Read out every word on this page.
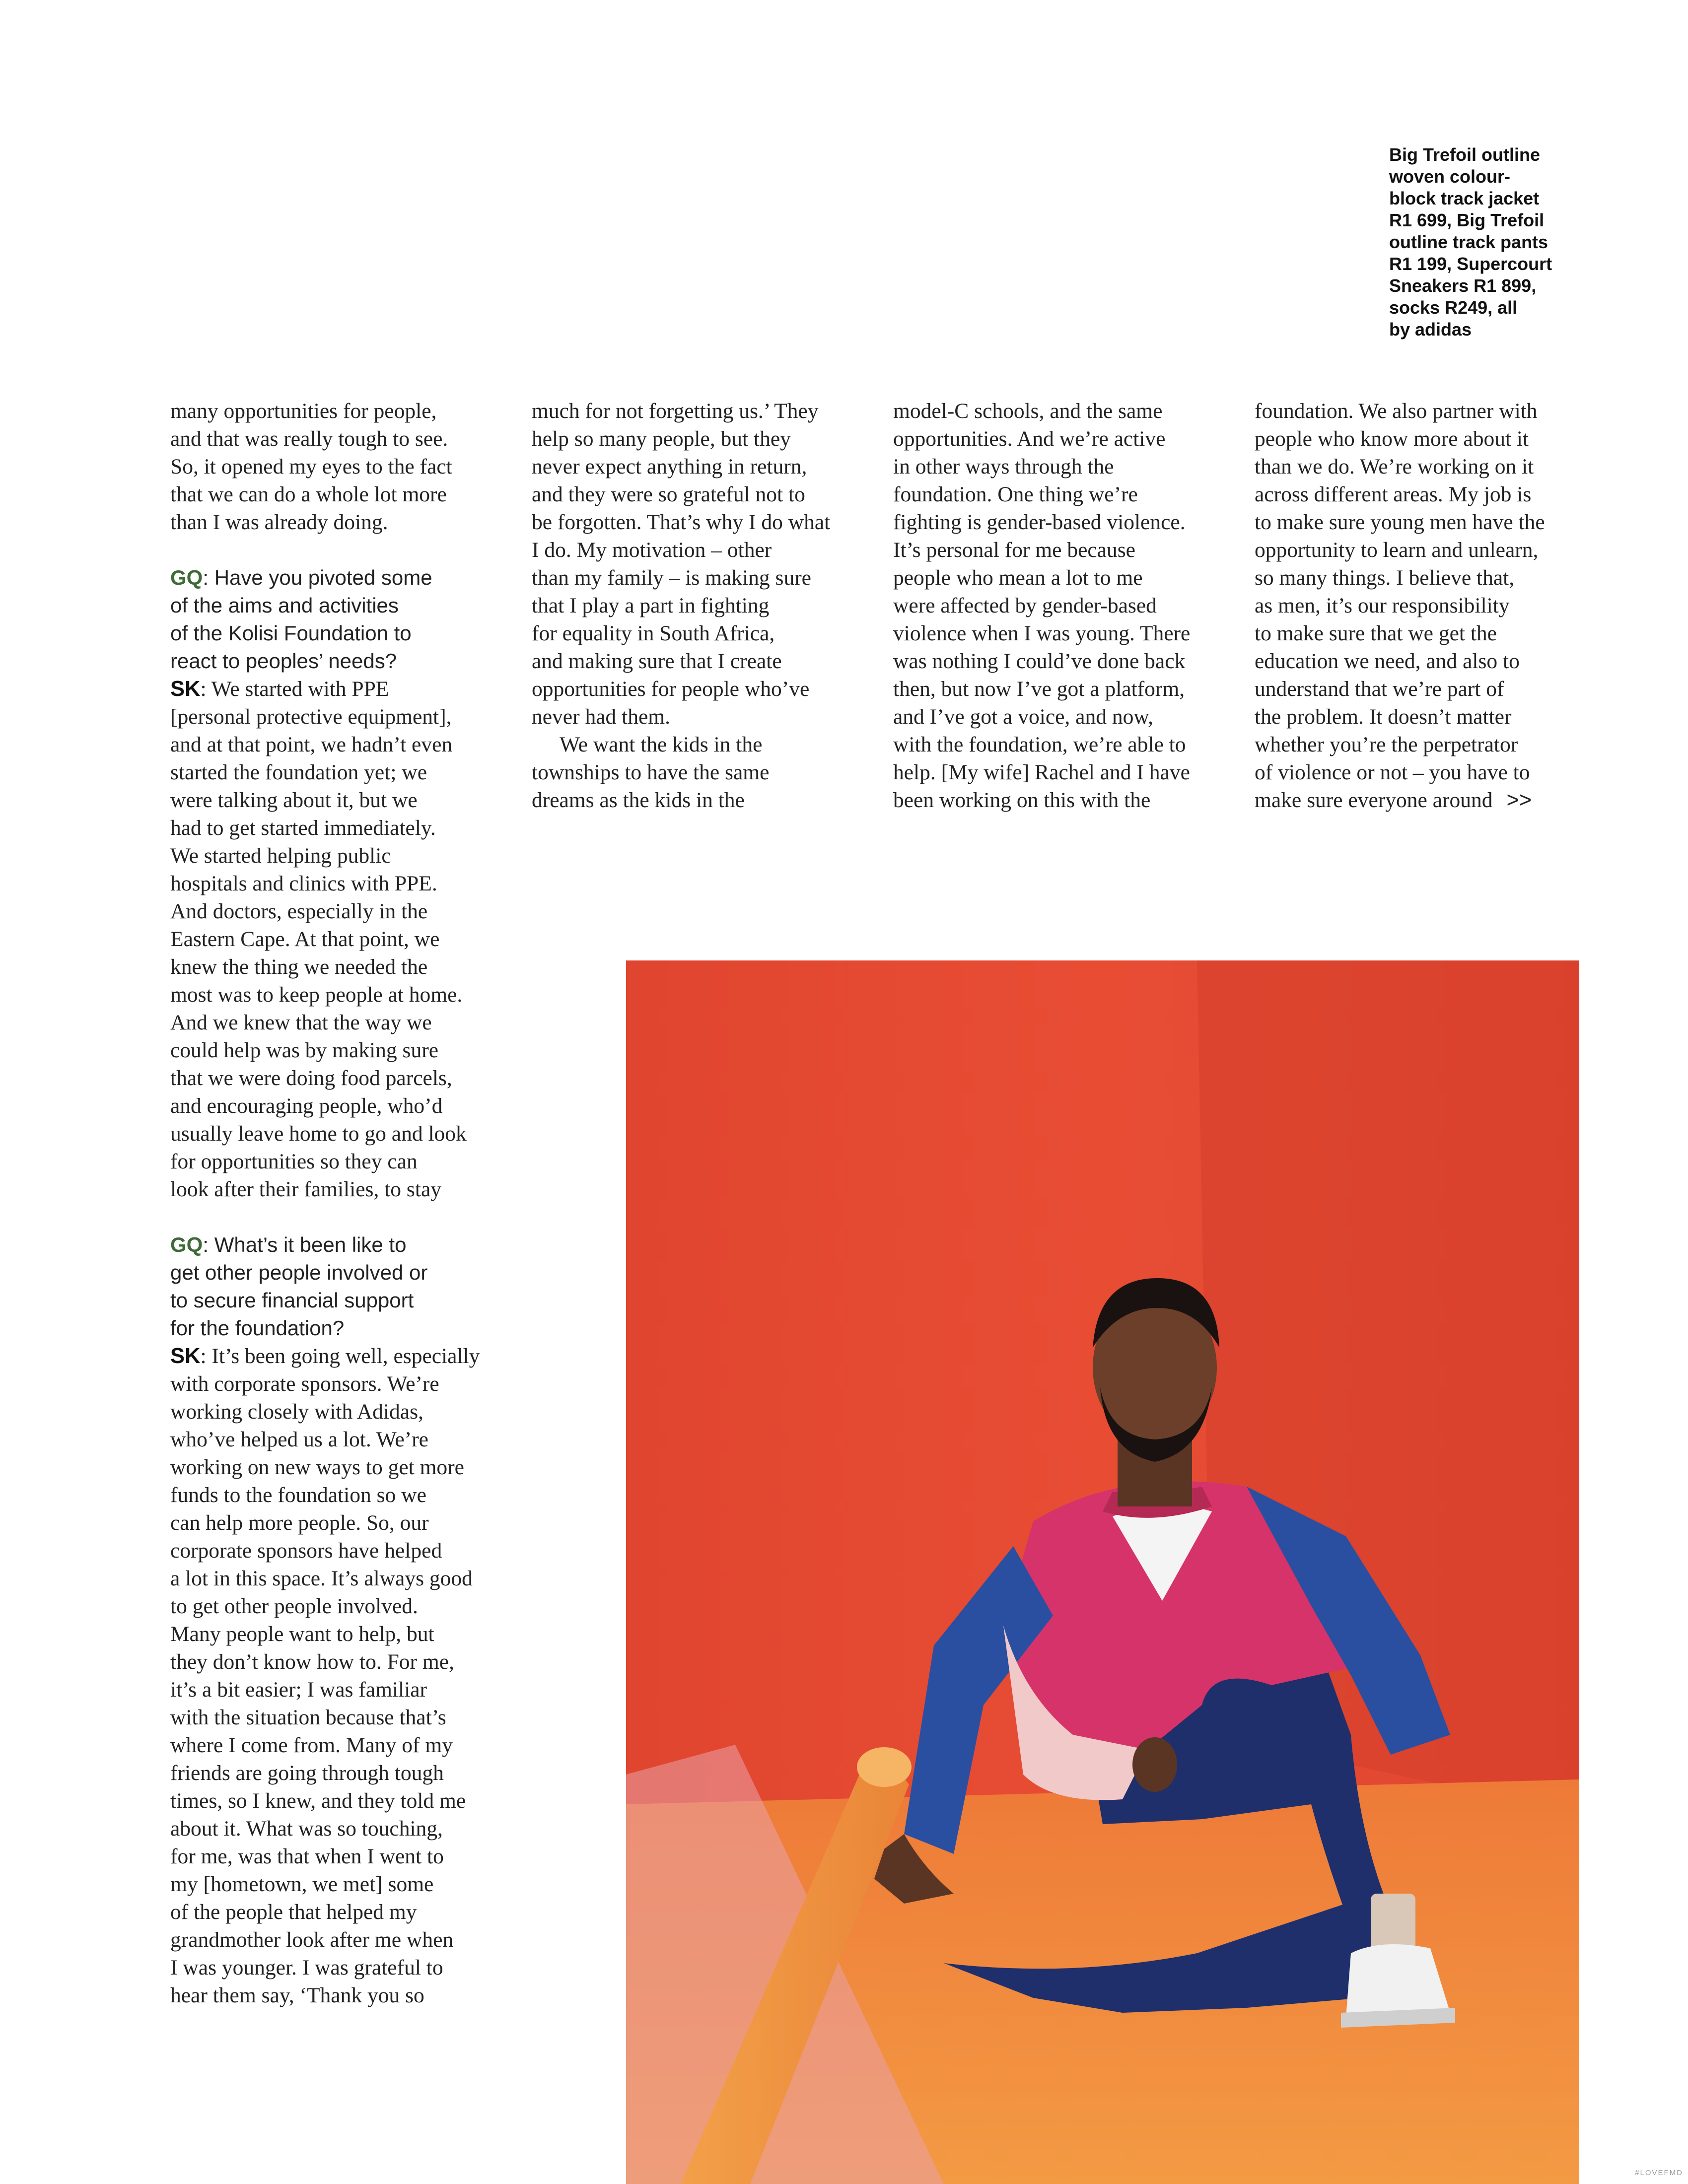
Big Trefoil outline
woven colour-
block track jacket
R1 699, Big Trefoil
outline track pants
R1 199, Supercourt
Sneakers R1 899,
socks R249, all
by adidas

many opportunities for people,
and that was really tough to see.
So, it opened my eyes to the fact
that we can do a whole lot more
than I was already doing.
GQ: Have you pivoted some
of the aims and activities
of the Kolisi Foundation to
react to peoples’ needs?
SK: We started with PPE
[personal protective equipment],
and at that point, we hadn’t even
started the foundation yet; we
were talking about it, but we
had to get started immediately.
We started helping public
hospitals and clinics with PPE.
And doctors, especially in the
Eastern Cape. At that point, we
knew the thing we needed the
most was to keep people at home.
And we knew that the way we
could help was by making sure
that we were doing food parcels,
and encouraging people, who’d
usually leave home to go and look
for opportunities so they can
look after their families, to stay
GQ: What’s it been like to
get other people involved or
to secure financial support
for the foundation?
SK: It’s been going well, especially
with corporate sponsors. We’re
working closely with Adidas,
who’ve helped us a lot. We’re
working on new ways to get more
funds to the foundation so we
can help more people. So, our
corporate sponsors have helped
a lot in this space. It’s always good
to get other people involved.
Many people want to help, but
they don’t know how to. For me,
it’s a bit easier; I was familiar
with the situation because that’s
where I come from. Many of my
friends are going through tough
times, so I knew, and they told me
about it. What was so touching,
for me, was that when I went to
my [hometown, we met] some
of the people that helped my
grandmother look after me when
I was younger. I was grateful to
hear them say, ‘Thank you so
much for not forgetting us.’ They
help so many people, but they
never expect anything in return,
and they were so grateful not to
be forgotten. That’s why I do what
I do. My motivation – other
than my family – is making sure
that I play a part in fighting
for equality in South Africa,
and making sure that I create
opportunities for people who’ve
never had them.
We want the kids in the
townships to have the same
dreams as the kids in the
model-C schools, and the same
opportunities. And we’re active
in other ways through the
foundation. One thing we’re
fighting is gender-based violence.
It’s personal for me because
people who mean a lot to me
were affected by gender-based
violence when I was young. There
was nothing I could’ve done back
then, but now I’ve got a platform,
and I’ve got a voice, and now,
with the foundation, we’re able to
help. [My wife] Rachel and I have
been working on this with the
foundation. We also partner with
people who know more about it
than we do. We’re working on it
across different areas. My job is
to make sure young men have the
opportunity to learn and unlearn,
so many things. I believe that,
as men, it’s our responsibility
to make sure that we get the
education we need, and also to
understand that we’re part of
the problem. It doesn’t matter
whether you’re the perpetrator
of violence or not – you have to
make sure everyone around >>
#LOVEFMD
